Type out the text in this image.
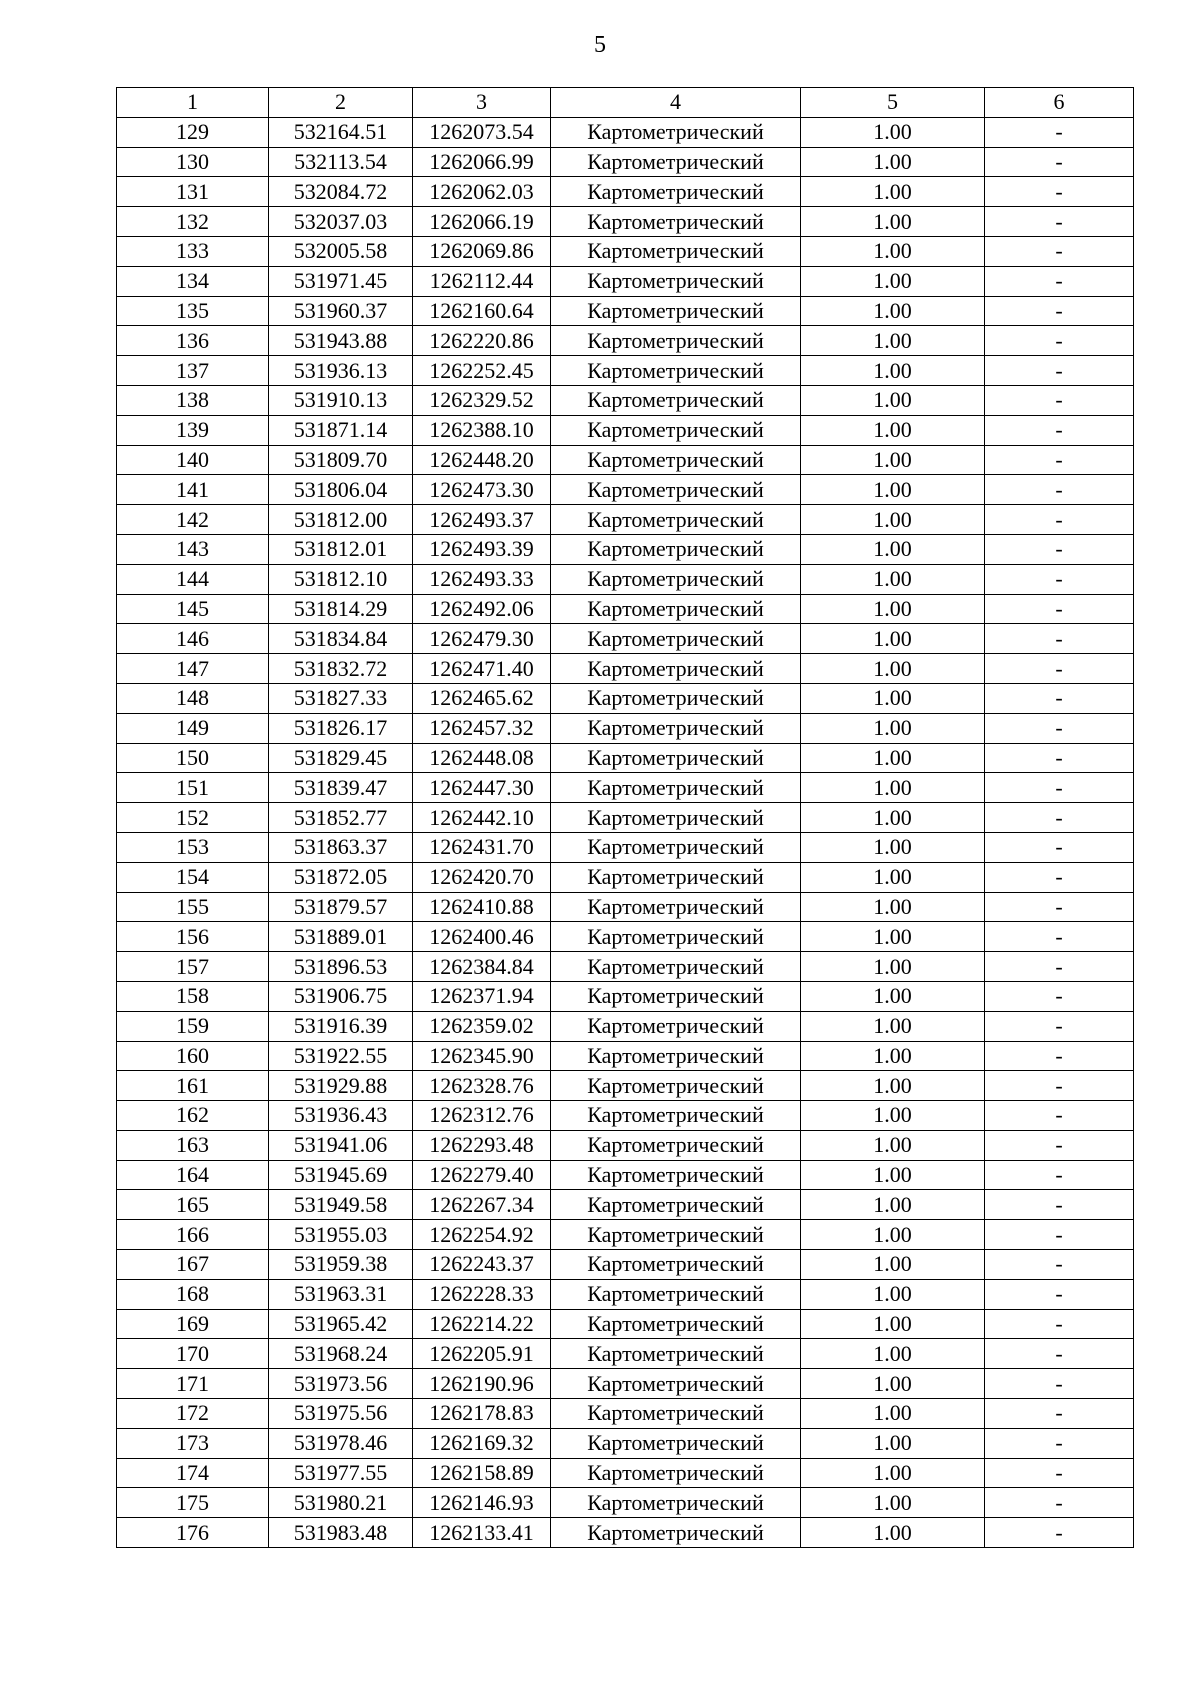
5
1	2	3	4	5	6
129	532164.51	1262073.54	Картометрический	1.00	-
130	532113.54	1262066.99	Картометрический	1.00	-
131	532084.72	1262062.03	Картометрический	1.00	-
132	532037.03	1262066.19	Картометрический	1.00	-
133	532005.58	1262069.86	Картометрический	1.00	-
134	531971.45	1262112.44	Картометрический	1.00	-
135	531960.37	1262160.64	Картометрический	1.00	-
136	531943.88	1262220.86	Картометрический	1.00	-
137	531936.13	1262252.45	Картометрический	1.00	-
138	531910.13	1262329.52	Картометрический	1.00	-
139	531871.14	1262388.10	Картометрический	1.00	-
140	531809.70	1262448.20	Картометрический	1.00	-
141	531806.04	1262473.30	Картометрический	1.00	-
142	531812.00	1262493.37	Картометрический	1.00	-
143	531812.01	1262493.39	Картометрический	1.00	-
144	531812.10	1262493.33	Картометрический	1.00	-
145	531814.29	1262492.06	Картометрический	1.00	-
146	531834.84	1262479.30	Картометрический	1.00	-
147	531832.72	1262471.40	Картометрический	1.00	-
148	531827.33	1262465.62	Картометрический	1.00	-
149	531826.17	1262457.32	Картометрический	1.00	-
150	531829.45	1262448.08	Картометрический	1.00	-
151	531839.47	1262447.30	Картометрический	1.00	-
152	531852.77	1262442.10	Картометрический	1.00	-
153	531863.37	1262431.70	Картометрический	1.00	-
154	531872.05	1262420.70	Картометрический	1.00	-
155	531879.57	1262410.88	Картометрический	1.00	-
156	531889.01	1262400.46	Картометрический	1.00	-
157	531896.53	1262384.84	Картометрический	1.00	-
158	531906.75	1262371.94	Картометрический	1.00	-
159	531916.39	1262359.02	Картометрический	1.00	-
160	531922.55	1262345.90	Картометрический	1.00	-
161	531929.88	1262328.76	Картометрический	1.00	-
162	531936.43	1262312.76	Картометрический	1.00	-
163	531941.06	1262293.48	Картометрический	1.00	-
164	531945.69	1262279.40	Картометрический	1.00	-
165	531949.58	1262267.34	Картометрический	1.00	-
166	531955.03	1262254.92	Картометрический	1.00	-
167	531959.38	1262243.37	Картометрический	1.00	-
168	531963.31	1262228.33	Картометрический	1.00	-
169	531965.42	1262214.22	Картометрический	1.00	-
170	531968.24	1262205.91	Картометрический	1.00	-
171	531973.56	1262190.96	Картометрический	1.00	-
172	531975.56	1262178.83	Картометрический	1.00	-
173	531978.46	1262169.32	Картометрический	1.00	-
174	531977.55	1262158.89	Картометрический	1.00	-
175	531980.21	1262146.93	Картометрический	1.00	-
176	531983.48	1262133.41	Картометрический	1.00	-
